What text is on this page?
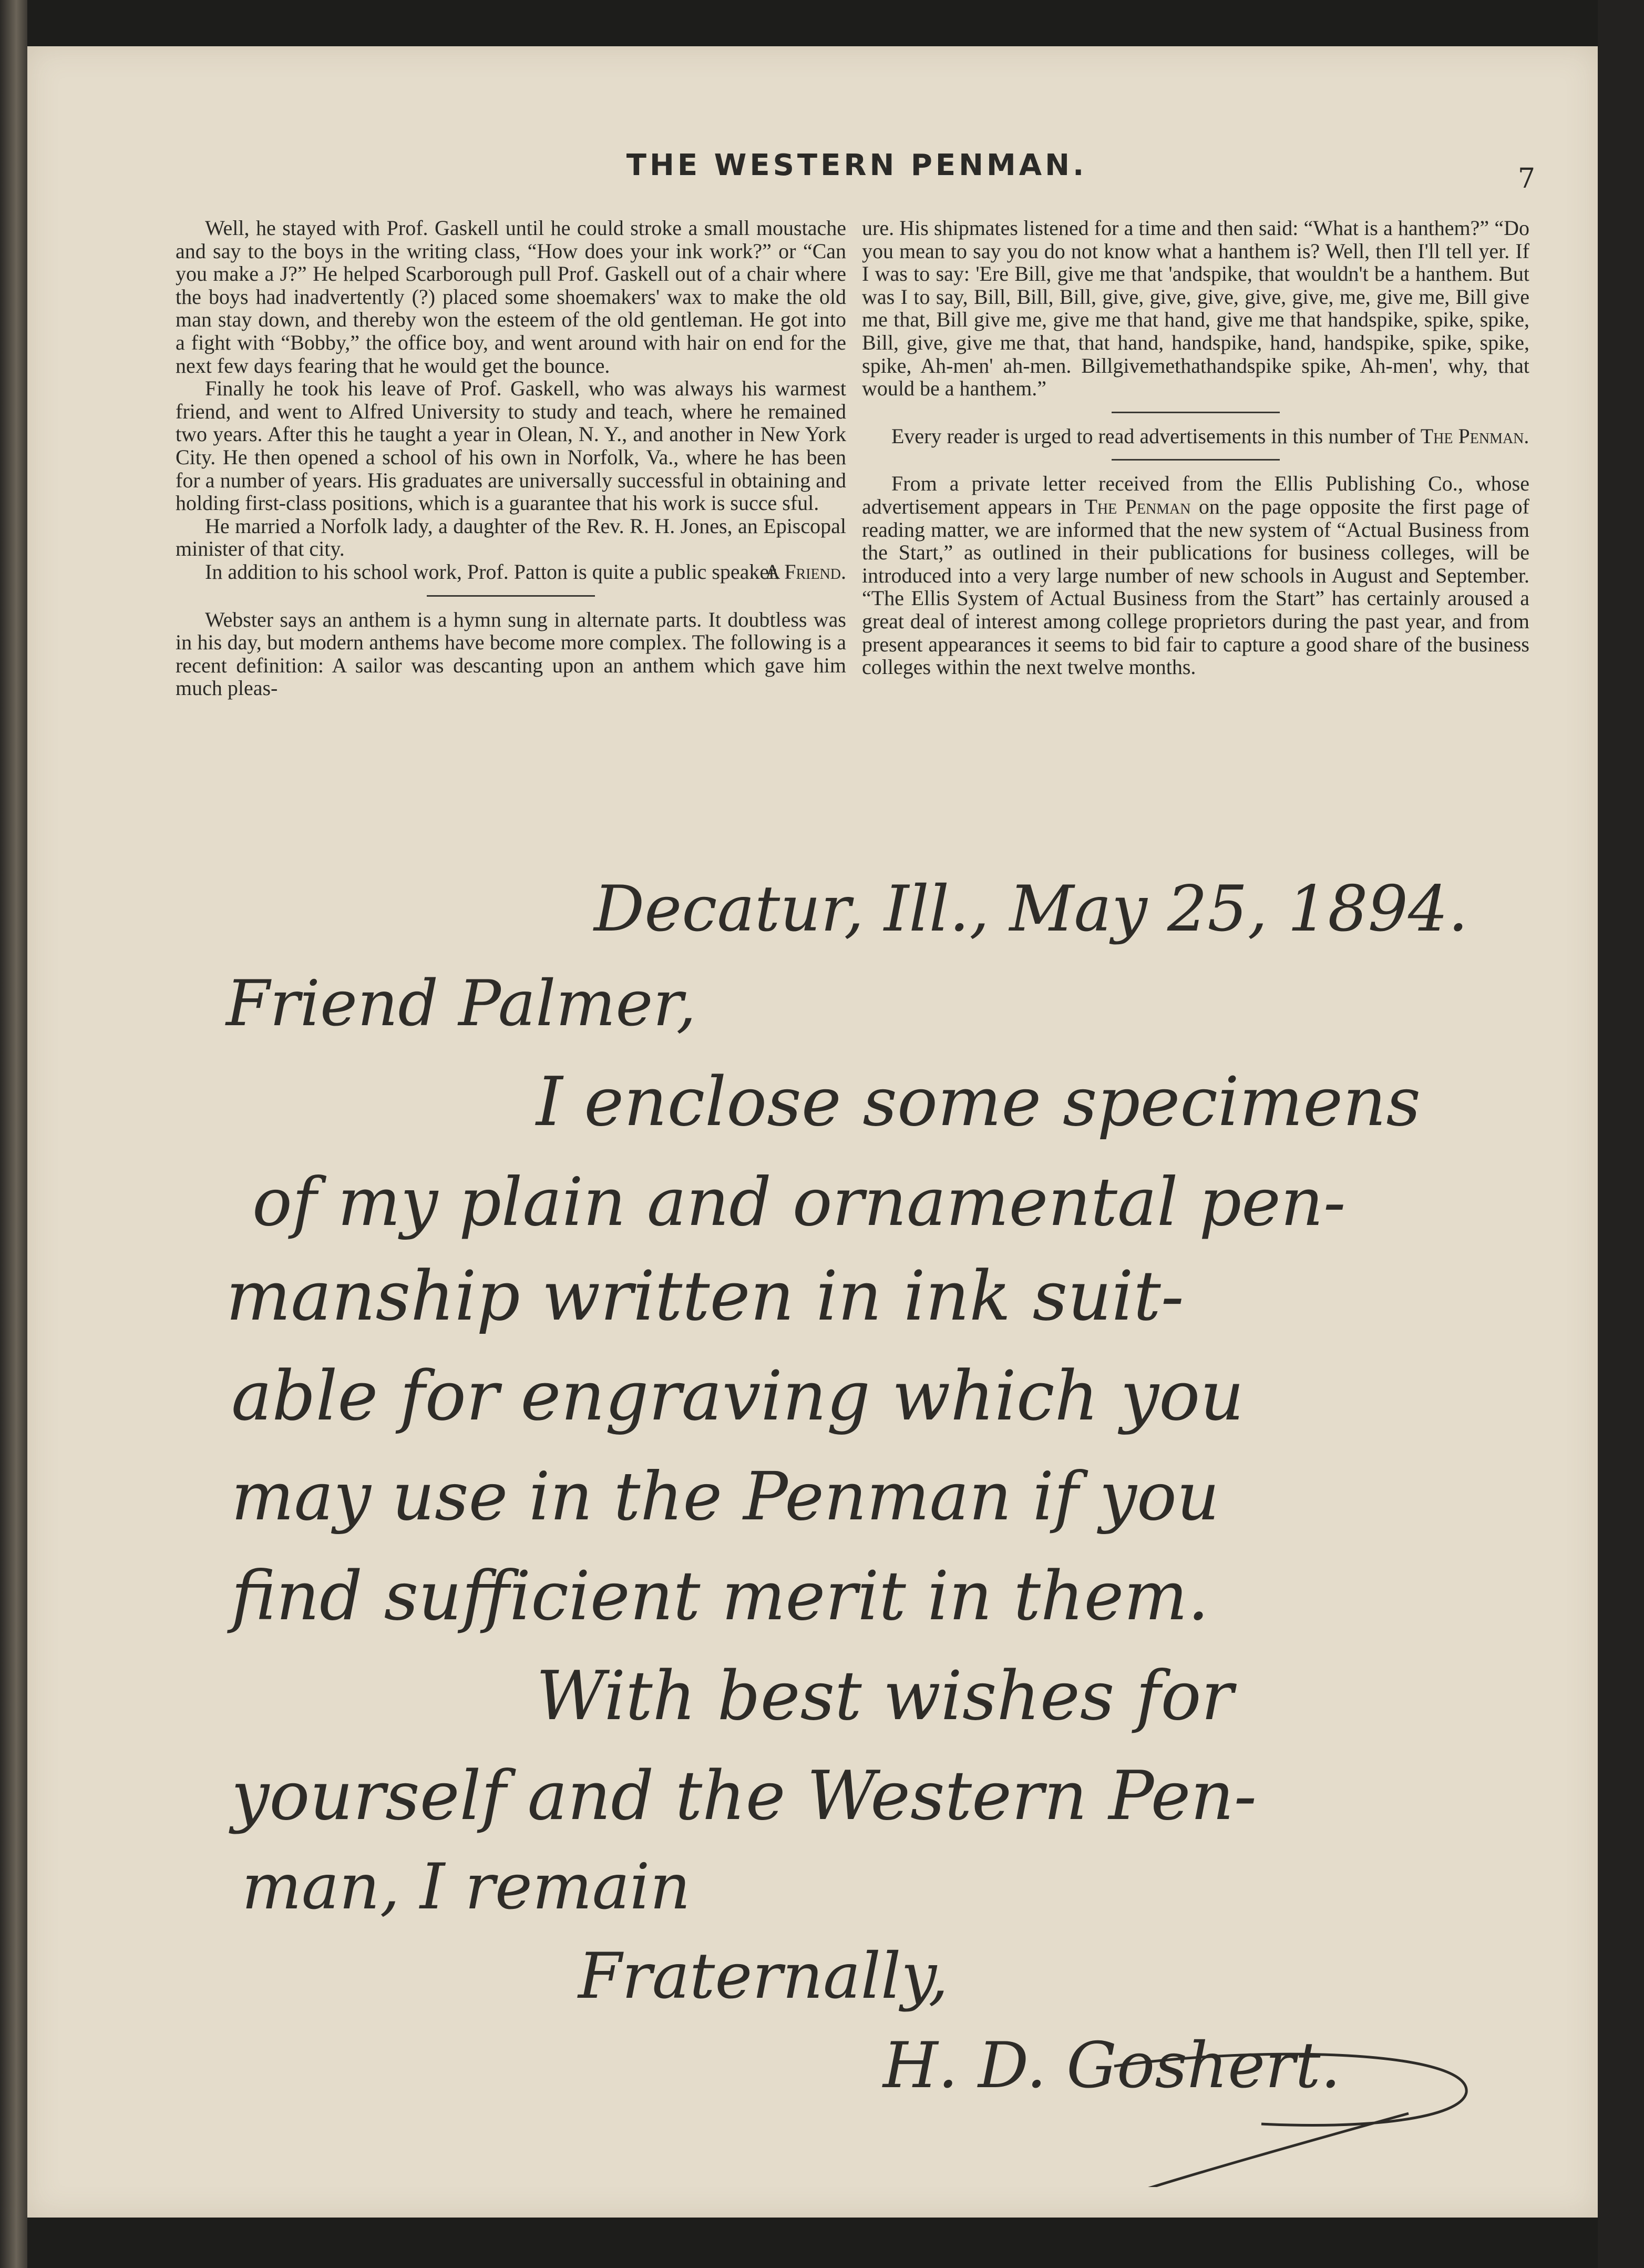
THE WESTERN PENMAN.	7

Well, he stayed with Prof. Gaskell until he could stroke a small moustache and say to the boys in the writing class, “How does your ink work?” or “Can you make a J?” He helped Scarborough pull Prof. Gaskell out of a chair where the boys had inadvertently (?) placed some shoemakers' wax to make the old man stay down, and thereby won the esteem of the old gentleman. He got into a fight with “Bobby,” the office boy, and went around with hair on end for the next few days fearing that he would get the bounce.

Finally he took his leave of Prof. Gaskell, who was always his warmest friend, and went to Alfred University to study and teach, where he remained two years. After this he taught a year in Olean, N. Y., and another in New York City. He then opened a school of his own in Norfolk, Va., where he has been for a number of years. His graduates are universally successful in obtaining and holding first-class positions, which is a guarantee that his work is succe sful.

He married a Norfolk lady, a daughter of the Rev. R. H. Jones, an Episcopal minister of that city.

In addition to his school work, Prof. Patton is quite a public speaker.

A Friend.

Webster says an anthem is a hymn sung in alternate parts. It doubtless was in his day, but modern anthems have become more complex. The following is a recent definition: A sailor was descanting upon an anthem which gave him much pleas-

ure. His shipmates listened for a time and then said: “What is a hanthem?” “Do you mean to say you do not know what a hanthem is? Well, then I'll tell yer. If I was to say: 'Ere Bill, give me that 'andspike, that wouldn't be a hanthem. But was I to say, Bill, Bill, Bill, give, give, give, give, give, me, give me, Bill give me that, Bill give me, give me that hand, give me that handspike, spike, spike, Bill, give, give me that, that hand, handspike, hand, handspike, spike, spike, spike, Ah-men' ah-men. Billgivemethathandspike spike, Ah-men', why, that would be a hanthem.”

Every reader is urged to read advertisements in this number of The Penman.

From a private letter received from the Ellis Publishing Co., whose advertisement appears in The Penman on the page opposite the first page of reading matter, we are informed that the new system of “Actual Business from the Start,” as outlined in their publications for business colleges, will be introduced into a very large number of new schools in August and September. “The Ellis System of Actual Business from the Start” has certainly aroused a great deal of interest among college proprietors during the past year, and from present appearances it seems to bid fair to capture a good share of the business colleges within the next twelve months.

Decatur, Ill., May 25, 1894.
Friend Palmer,
I enclose some specimens
of my plain and ornamental pen-
manship written in ink suit-
able for engraving which you
may use in the Penman if you
find sufficient merit in them.
With best wishes for
yourself and the Western Pen-
man, I remain
Fraternally,
H. D. Goshert.
